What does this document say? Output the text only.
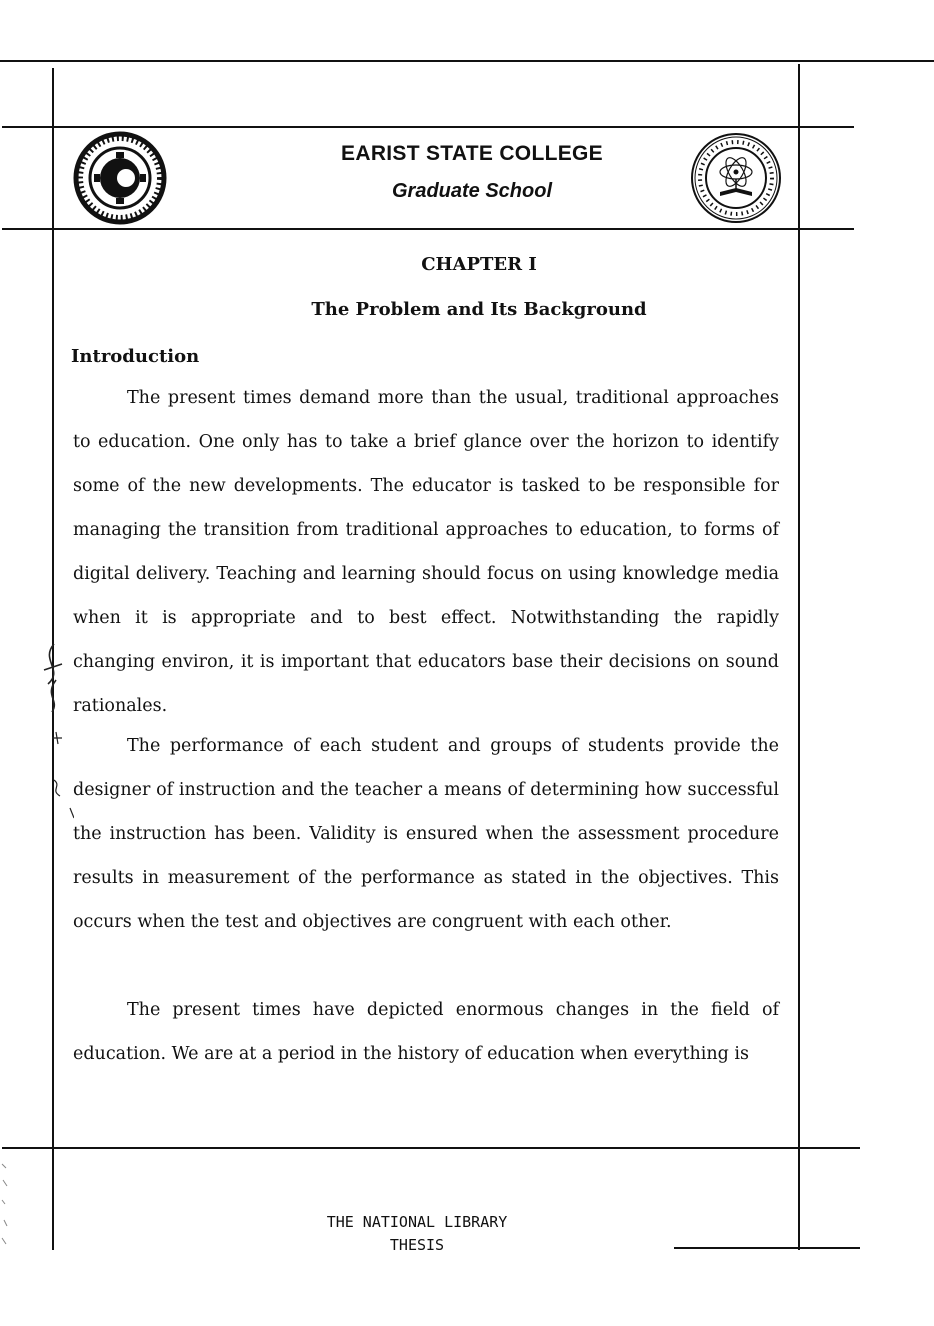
EARIST STATE COLLEGE
Graduate School
CHAPTER I
The Problem and Its Background
Introduction

The present times demand more than the usual, traditional approaches to education. One only has to take a brief glance over the horizon to identify some of the new developments. The educator is tasked to be responsible for managing the transition from traditional approaches to education, to forms of digital delivery. Teaching and learning should focus on using knowledge media when it is appropriate and to best effect. Notwithstanding the rapidly changing environ, it is important that educators base their decisions on sound rationales.

The performance of each student and groups of students provide the designer of instruction and the teacher a means of determining how successful the instruction has been. Validity is ensured when the assessment procedure results in measurement of the performance as stated in the objectives. This occurs when the test and objectives are congruent with each other.

The present times have depicted enormous changes in the field of education. We are at a period in the history of education when everything is

THE NATIONAL LIBRARY
THESIS
